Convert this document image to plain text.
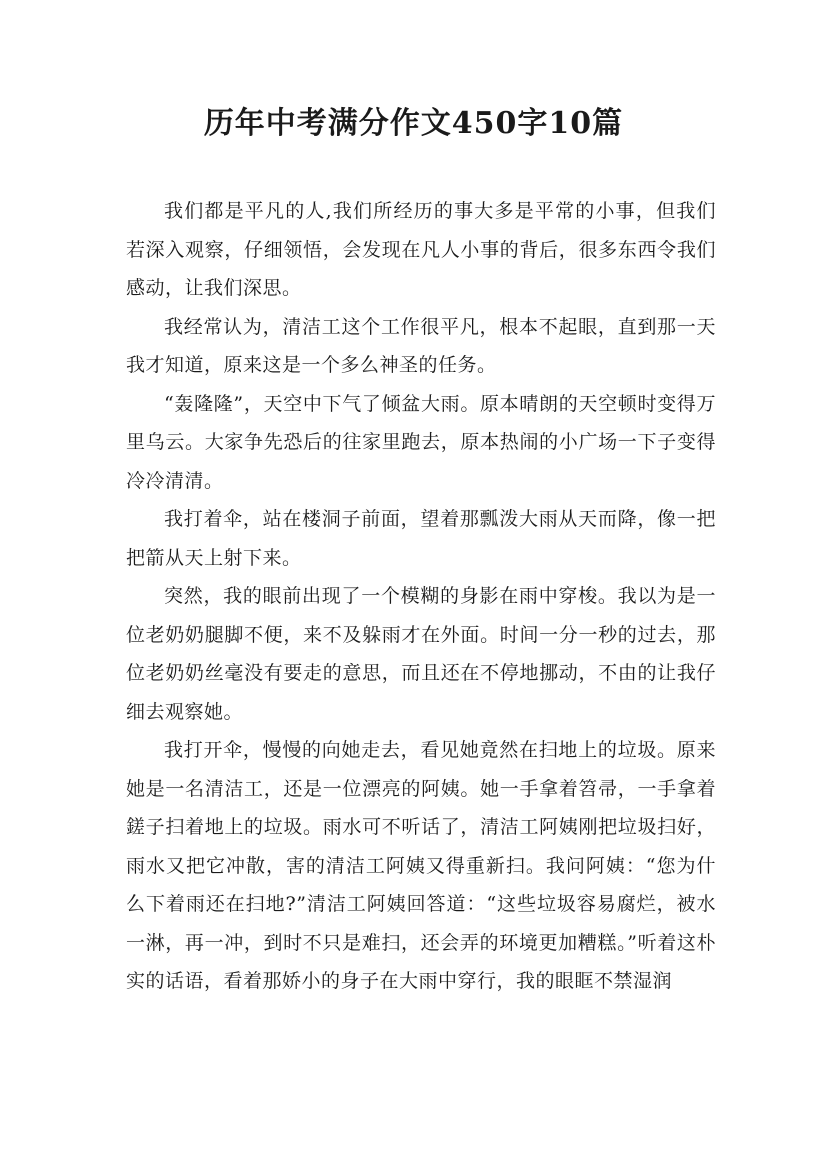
历年中考满分作文450字10篇

我们都是平凡的人,我们所经历的事大多是平常的小事，但我们若深入观察，仔细领悟，会发现在凡人小事的背后，很多东西令我们感动，让我们深思。

我经常认为，清洁工这个工作很平凡，根本不起眼，直到那一天我才知道，原来这是一个多么神圣的任务。

“轰隆隆”，天空中下气了倾盆大雨。原本晴朗的天空顿时变得万里乌云。大家争先恐后的往家里跑去，原本热闹的小广场一下子变得冷冷清清。

我打着伞，站在楼洞子前面，望着那瓢泼大雨从天而降，像一把把箭从天上射下来。

突然，我的眼前出现了一个模糊的身影在雨中穿梭。我以为是一位老奶奶腿脚不便，来不及躲雨才在外面。时间一分一秒的过去，那位老奶奶丝毫没有要走的意思，而且还在不停地挪动，不由的让我仔细去观察她。

我打开伞，慢慢的向她走去，看见她竟然在扫地上的垃圾。原来她是一名清洁工，还是一位漂亮的阿姨。她一手拿着笤帚，一手拿着鎈子扫着地上的垃圾。雨水可不听话了，清洁工阿姨刚把垃圾扫好，雨水又把它冲散，害的清洁工阿姨又得重新扫。我问阿姨：“您为什么下着雨还在扫地?”清洁工阿姨回答道：“这些垃圾容易腐烂，被水一淋，再一冲，到时不只是难扫，还会弄的环境更加糟糕。”听着这朴实的话语，看着那娇小的身子在大雨中穿行，我的眼眶不禁湿润
